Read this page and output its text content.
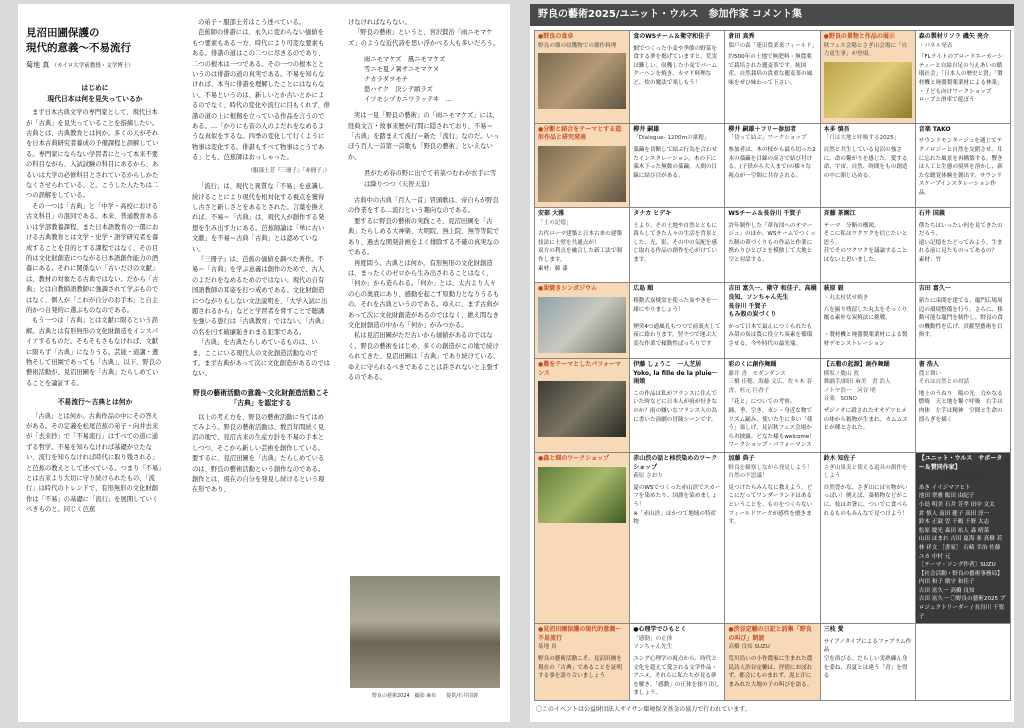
見沼田圃保護の
現代的意義〜不易流行
菊地 真 （カイロ大学前教授・文学博士）
はじめに
現代日本は何を見失っているか

まず日本古典文学の専門家として、現代日本が「古典」を見失っていることを指摘したい。古典とは、古典教育とは何か。多くの人がそれを日本古典研究者養成の予備課程と誤解している。専門家にならない学習者にとって本来不要の科目ながら、入試試験の科目にあるから、あるいは大学の必修科目とされているからしかたなくさせられている、と。こうした人たちは二つの誤解をしている。

その一つは「古典」と「中学・高校における古文科目」の混同である。本来、普通教育あるいは学部教養課程、また日本語教育の一環における古典教育とは文学・史学・語学研究者を養成することを目的とする課程ではなく、その目的は文化財創造につながる日本語創作能力の酒養にある。それに関係ない「古いだけの文献」は、教材の対象たる古典ではない。だから「古典」とは自教師語教師に強調されて学ぶものではなく、個人が「これが自分のお手本」と自主的かつ自発的に選ぶものなのである。

もう一つは「古典」とは文献に限るという誤解。古典とは有形無形の文化財創造をインスパイアするものだ。そもそもさもなければ、文献に限らず「古典」になりうる。芸能・道講・遺物そして田園であっても「古典」、以下、野良の藝術活動が、見沼田圃を「古典」たらしめていることを論証する。

不易流行〜古典とは何か

「古典」とは何か。古典作品の中にその答えがある。その定義を松尾芭蕉の弟子・向井去来が「去来抄」で「不易流行」はすべての道に通ずる哲学。不易を知らなければ基礎が立たない、流行を知らなければ時代に取り残される」と芭蕉の教えとして述べている。つまり「不易」とは古来より大切に守り続けられたもの、「流行」は時代のトレンドで、有形無形の文化財創作は「不易」の基礎に「流行」を展開していくべきものと。同じく芭蕉

の弟子・服部土芳はこう述べている。

芭蕉師の俳諧には、永久に変わらない価値をもつ要素もある一方、時代により可変な要素もある。俳諧の道はこの二つに尽きるのであり、二つの根本は一つである。その一つの根本とというのは俳諧の道の真実である。不易を知らなければ、本当に俳諧を理解したことにはならない。不易というのは、新しいとか古いとかによるのでなく、時代の変化や流行に目もくれず、俳諧の道の上に根拠を立っている作品を言うのである。…「かりにも音の人のよだれをなめるような真似をするな。四季の変化して行くように物事は変化する。俳諧もすべて物事はこうである」とも、芭蕉師はおっしゃった。

（服部土芳『三冊子』「赤冊子」）

「流行」は、現代と異質な「不易」を意識し続けることにより現代を相対化する視点を獲得し古さと新しさとをあるとされた。言葉を換えれば、不易＝「古典」は、現代人が創作する発想を生み出す力にある。芭蕉師論は「単に古い文献」を不易＝古典「古典」とは認めていない。

『三冊子』は、芭蕉の価値を調べた著作。不易＝「古典」を学ぶ意義は創作のためで、古人のよだれをなめるためのではない。現代の自有国語教師の耳姿を打つ戒めである。文化財創造につながりもしない文法説明を、「大学入試に出題されるから」などと学習者を脅すことで聴講を強いる愚行は「古典教育」ではない。「古典」の名を円す破廉恥きわまる犯罪である。

「古典」を古典たらしめているものは、いま、ここにいる現代人の文化創造活動なのです。まず古典があって次に文化創造があるのではない。

野良の藝術活動の意義〜文化財創造活動こそ「古典」を認定する

以上の考え方を、野良の藝術活動に当てはめてみよう。野良の藝術活動は、数百年間続く見沼の地で、見沼古来の生産方針を不易の手本としつつ、そこから新しい芸術を創作している。要するに、見沼田圃を「古典」たらしめているのは、野良の藝術活動という創作なのである。創作とは、現在の自分を発見し続けるという現在形であり、

けなければならない。

「野良の藝術」というと、宮沢賢治「雨ニモマケズ」のような近代詩を思い浮かべる人も多いだろう。

雨ニモマケズ　風ニモマケズ
雪ニモ夏ノ暑サニモマケヌ
ナカラダヲモチ
慾ハナク　決シテ瞋ラズ
イツモシヅカニワラッテヰ　…

実は一見「野良の藝術」の「雨ニモマケズ」には、経典文言・故事来歴が行間に隠されており、不易＝「古典」を踏まえて流行＝新た「流行」なのだ。いっぽう百人一首第一首歌も「野良の藝術」といえないか。

君がため春の野に出でて若菜つむわが衣手に雪は降りつつ（天智天皇）

古典中の古典「百人一首」冒頭歌は、帝自らが野良の作業をする…流行という趣向なのである。

要するに野良の藝術の実践こそ、見沼田圃を「古典」たらしめる大神楽、大明院、無上院、無等等院であり、過去な関発計画をよく排除する不確の真実なのである。

再度問う。古典とは何か。有形無形の文化財創造は、まったくのゼロから生み出されることはなく、「何か」から造られる。「何か」とは、太古より人々の心の奥底にあり、感動を起こす原動力となりうるもの。それを古典というのである。ゆえに、まず古典があって次に文化財創造があるのではなく、絶え間なき文化財創造の中から「何か」がみつかる。

私は見沼田圃がただ古いから価値があるのではなく、野良の藝術をはじめ、多くの創造がこの地で続けられてきた、見沼田圃は「古典」であり続けている、ゆえに守られるべきであることは許されないと主張するのである。

野良の藝術2024　撮影 麻布　　提供/石井国義
野良の藝術2025/ユニット・ウルス　参加作家 コメント集
●野良の食卓
野良の畑の収穫物での創作料理
食のWSチーム＆衛守和佳子
畑でつくった小麦や季節の野菜を食する夢を掲げていますと、荒実は難しい。収穫した小麦でパームクーヘンを焼き、カマド料理など、炊の魔法で楽しもう！
倉田 真秀
閖戸の森「蓮田農業裏フィールド」
約500年の土地で無肥料・無農薬で栽培された麗麦茶です。純国産、自然栽培の貴重な麗麦茶の風味をぜひ味わって下さい。
●野良の景物と作品の展示
秋フェス会場とさぎ山会場に「自力更生事」が登場。
森の製材リソラ 磯矢 亮介
・パネル発表
「FLライトのブロードエーカーシティーと自給自足の与えあいの循環社会」「日本人の歴史と質」「製材機と廃器製薬業材による林業」
・子ども向けワークショップ
ロープと滑車で遊ぼう
●分断と結合をテーマとする造形作品と研究発表
柳井 嗣雄
「Dialogue- 1200mの稟穂」
藁繭を切断して結ぶ行為を合わせたインスタレーション。木の下に藁木下った無数の藁繭。人間の目線に結び目がある。
柳井 嗣雄＋フリー参加者
「切って結ぶ」ワークショップ
参加者は、木の枝から最ら切った2本の藁繭を目線の高さで結び付ける。(子供から大人まで)の様々な視点が一空間に共存される。
本多 慎吾
「月は大地と呼吸する2025」
自然と共生している見沼の強さに、命の繋がりを感じた。愛する命、宇宙、自然、時間をもの創造の中に閉じ込める。
音楽 TAKO
サウンドモンタージュを通じてテクノロジーと自然を交錯させ、耳に忘れた風景を再構築する。響きは人工と生態の境界を溶かし、新たな聴覚体験を創出す。サウンドスケープインスタレーション作品。
安部 大雅
「土の記憶」
古代ローマ建築と日本古来の建築技法に土壁を共通点が！
双方の利点を融合した新工法で制作します。
素材：藤 漆
タナカ ヒデキ
土より、その土地や自然とともに暮らしてきた人々の生活を背景とした、光、影、その中の気配を感じ取れる作品の創作を心がけています。
WSチーム＆長谷川 千賀子
許年制作した「葦布団へのオマージュ」のほか、WSチームでつくった制の葦づくりもの作品と作業に携わりひとびとを模倣して大地と空と対話する。
斉藤 茶園江
テーマ　分断の構図。
そこに私はワクワクを信じたいと思う。
荘でそのワクワクを議論することはないと思いました。
石井 国義
僕たちはいったい何を見てきたのだろう。
遠い記憶をたどってみよう。生まれる前に見たものってあるの？
素材：竹
●炭焼きシンポジウム	広島 順
移動式炭焼窯を使った炭やきを一緒にやりましょう！

煙突4つ通風孔もつつで前裏火して夜に絡わります。翌ラつで運ぶ大変な作業で傾動性ぱっちりです
吉田 富久一、衛守 和佳子、高橋 良知、ソンちゃん先生
長谷川 千賀子
もみ殻の炭づくり
かって日本で最んにつくられたもみ殻の炭は農に役立ち炭素を循環させる。今や時代の最先端。
萩原 毅
・丸太杖伏せ焼き
六を掘り残留した丸太をそっくり覆る素朴な炭焼法に挑戦。

・製材機と廃器製薬業材による製材デモンストレーション
吉田 富久一
新たに束間を建てる。竈門広場周辺の環境整備を行う。さらに、移動可能な竈門を制作し、野良の食の機動性を広げ、貢献型藝術を目指す。
●農をテーマとしたパフォーマンス
伊藤 しょうこ　一人芝居
Yoko, la fille de la pluie〜雨娘
この作品は私がフランスに住んでいた時などに日本人が雨が好きなのか？雨の嫌いなフランス人の為に書いた演劇の冒険シーンです。
彩のくに創作舞踊
藤井 香　モダンダンス
三橋 佳穂、海藤 文広、佐々木 春香、杉元 巨香子
「花と」についての考察。
踊、季、空き、カン・身近な物でリズム踊み、使いた生に多い「使う」楽しげ、見沼秋フェス会場からお披露。どなた様もwelcome！ワークショップ・パフォーマンス
【五穀の起源】創作舞踊
横坂ノ慶山 敦
舞踊手/細田 麻美　書 浩人
ノトヤ浩一　河谷 明
音楽　SONO
ザジノオに殺されたオオゲツヒメの体から穀物が生まれ、カムムスヒが種とされた。
書 浩人
農と舞い
それは自然との対話
地上のうねり　陽の光　力かなる燃焼　天と地を繋ぐ呼吸　右手は肉体　左手は精神　空間と生命の揺らぎを描く
●森と畑のワークショップ	赤山渋の話と柿渋染めのワークショップ
萩原 さおり
夏のWSでつくった赤山渋でスカーフを染めたり、国旗を染めましょう！
※「赤山渋」はかつて地域の特産物
加藤 典子
野良を観察しながら発見しよう！自然の不思議！
見つけたらみんなに教えよう。どこにだってワンダーランドはあるということを、ものをつくらないフィールドワークが感性を磨きます。
鈴木 知佐子
さぎ山果実と使える道具の創作をしよう
自然豊かな、さぎ山には宝物がいっぱい！例えば、藁植物などがこに、枝はお箸に、ついでに食べられるものもみんなで見つけよう！
【ユニット・ウルス　サポーター＆賛同作家】
（コメント掲載以外の方たち）
あき イイジマフヒト
池田 翠雅 飯田 由紀子
小島 明美 石井 芳孝 田中 文太
倉 慎人 南田 健子 高田 淳一
鈴木 正淑 曽 千鶴 千野 太志
松原 慶光 森田 祐人 森 晴菜
山田 ほまれ 吉田 夏海 亜 真樹 若林 祥文 ［書家］ 石崎 幸治 佐藤 ユカ 中村 元
［テーマ・ソング作者］SUZU
【社会活動・野良の藝術事務局】
内田 和子 衛守 和佳子
吉田 富久一 高橋 良知
吉田 富久一 〇野良の藝術2025 プロジェクトリーダー / 長谷川 千賀子
●見沼田圃保護の現代的意義〜不易流行
菊地 真
野良の藝術活動こそ、見沼田圃を現在の「古典」であることを証明する事を語り合いましょう
●心理学でひもとく
「感動」の正体
ソンちゃん先生
ユング心理学の視点から、時代と文化を超えて愛される文学作品・アニメ、それらに私たちが見る夢を解き、「感動」の正体を探り出しましょう。
●渋谷定輔の日記と詩集「野良の叫び」朗読
高橋 良知 SUZU
荒川沿いの小作農家に生まれた農民詩人渋谷定輔は、抒情におぼれず、都会にものまれず、泥と汗にまみれた大地の子の叫びを語る。
三枝 愛
サイアノタイプによるファブラム作品
空を浴びる。だらしい実熟練ん身を委ね、真夏とは違う「青」を得る
〇このイベントは公益財団法人サイサン環境保全基金の協力で行われています。
